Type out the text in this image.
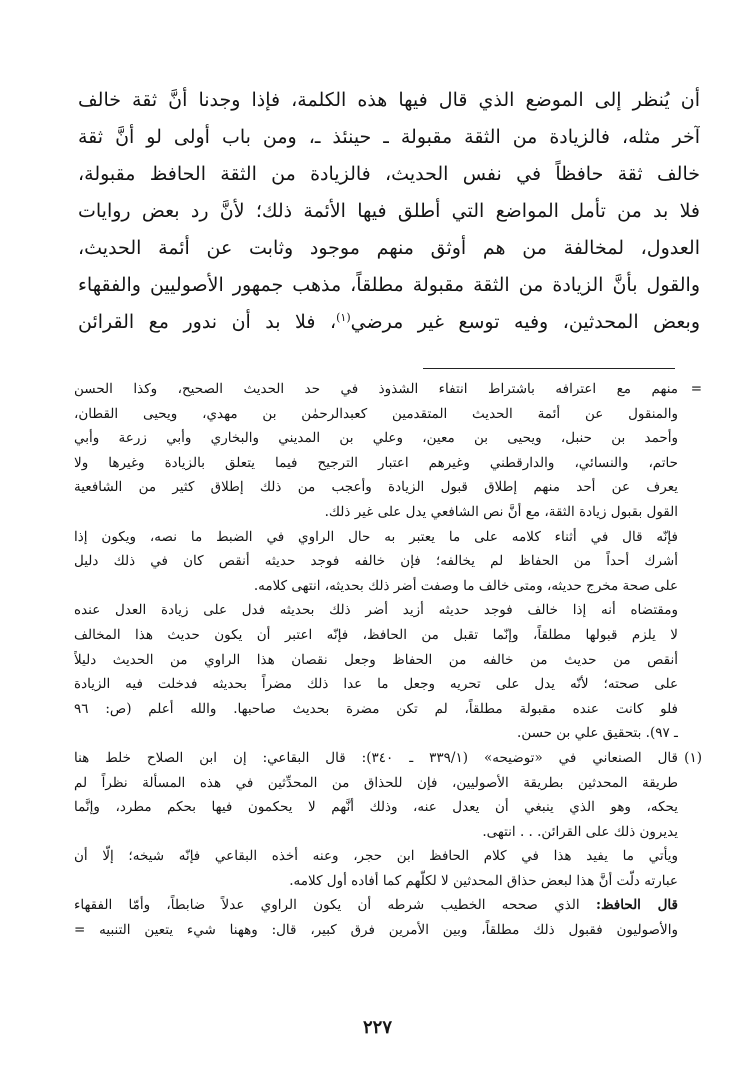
أن يُنظر إلى الموضع الذي قال فيها هذه الكلمة، فإذا وجدنا أنَّ ثقة خالف
آخر مثله، فالزيادة من الثقة مقبولة ـ حينئذ ـ، ومن باب أولى لو أنَّ ثقة
خالف ثقة حافظاً في نفس الحديث، فالزيادة من الثقة الحافظ مقبولة،
فلا بد من تأمل المواضع التي أطلق فيها الأئمة ذلك؛ لأنَّ رد بعض روايات
العدول، لمخالفة من هم أوثق منهم موجود وثابت عن أئمة الحديث،
والقول بأنَّ الزيادة من الثقة مقبولة مطلقاً، مذهب جمهور الأصوليين والفقهاء
وبعض المحدثين، وفيه توسع غير مرضي$^{(١)}$، فلا بد أن ندور مع القرائن
=
منهم مع اعترافه باشتراط انتفاء الشذوذ في حد الحديث الصحيح، وكذا الحسن
والمنقول عن أئمة الحديث المتقدمين كعبدالرحمٰن بن مهدي، ويحيى القطان،
وأحمد بن حنبل، ويحيى بن معين، وعلي بن المديني والبخاري وأبي زرعة وأبي
حاتم، والنسائي، والدارقطني وغيرهم اعتبار الترجيح فيما يتعلق بالزيادة وغيرها ولا
يعرف عن أحد منهم إطلاق قبول الزيادة وأعجب من ذلك إطلاق كثير من الشافعية
القول بقبول زيادة الثقة، مع أنَّ نص الشافعي يدل على غير ذلك.
فإنّه قال في أثناء كلامه على ما يعتبر به حال الراوي في الضبط ما نصه، ويكون إذا
أشرك أحداً من الحفاظ لم يخالفه؛ فإن خالفه فوجد حديثه أنقص كان في ذلك دليل
على صحة مخرج حديثه، ومتى خالف ما وصفت أضر ذلك بحديثه، انتهى كلامه.
ومقتضاه أنه إذا خالف فوجد حديثه أزيد أضر ذلك بحديثه فدل على زيادة العدل عنده
لا يلزم قبولها مطلقاً، وإنّما تقبل من الحافظ، فإنّه اعتبر أن يكون حديث هذا المخالف
أنقص من حديث من خالفه من الحفاظ وجعل نقصان هذا الراوي من الحديث دليلاً
على صحته؛ لأنّه يدل على تحريه وجعل ما عدا ذلك مضراً بحديثه فدخلت فيه الزيادة
فلو كانت عنده مقبولة مطلقاً، لم تكن مضرة بحديث صاحبها. والله أعلم (ص: ٩٦
ـ ٩٧). بتحقيق علي بن حسن.
(١)
قال الصنعاني في «توضيحه» (٣٣٩/١ ـ ٣٤٠): قال البقاعي: إن ابن الصلاح خلط هنا
طريقة المحدثين بطريقة الأصوليين، فإن للحذاق من المحدِّثين في هذه المسألة نظراً لم
يحكه، وهو الذي ينبغي أن يعدل عنه، وذلك أنَّهم لا يحكمون فيها بحكم مطرد، وإنَّما
يديرون ذلك على القرائن. . . انتهى.
ويأتي ما يفيد هذا في كلام الحافظ ابن حجر، وعنه أخذه البقاعي فإنّه شيخه؛ إلّا أن
عبارته دلّت أنَّ هذا لبعض حذاق المحدثين لا لكلّهم كما أفاده أول كلامه.
قال الحافظ: الذي صححه الخطيب شرطه أن يكون الراوي عدلاً ضابطاً، وأمّا الفقهاء
والأصوليون فقبول ذلك مطلقاً، وبين الأمرين فرق كبير، قال: وههنا شيء يتعين التنبيه =
٢٢٧
